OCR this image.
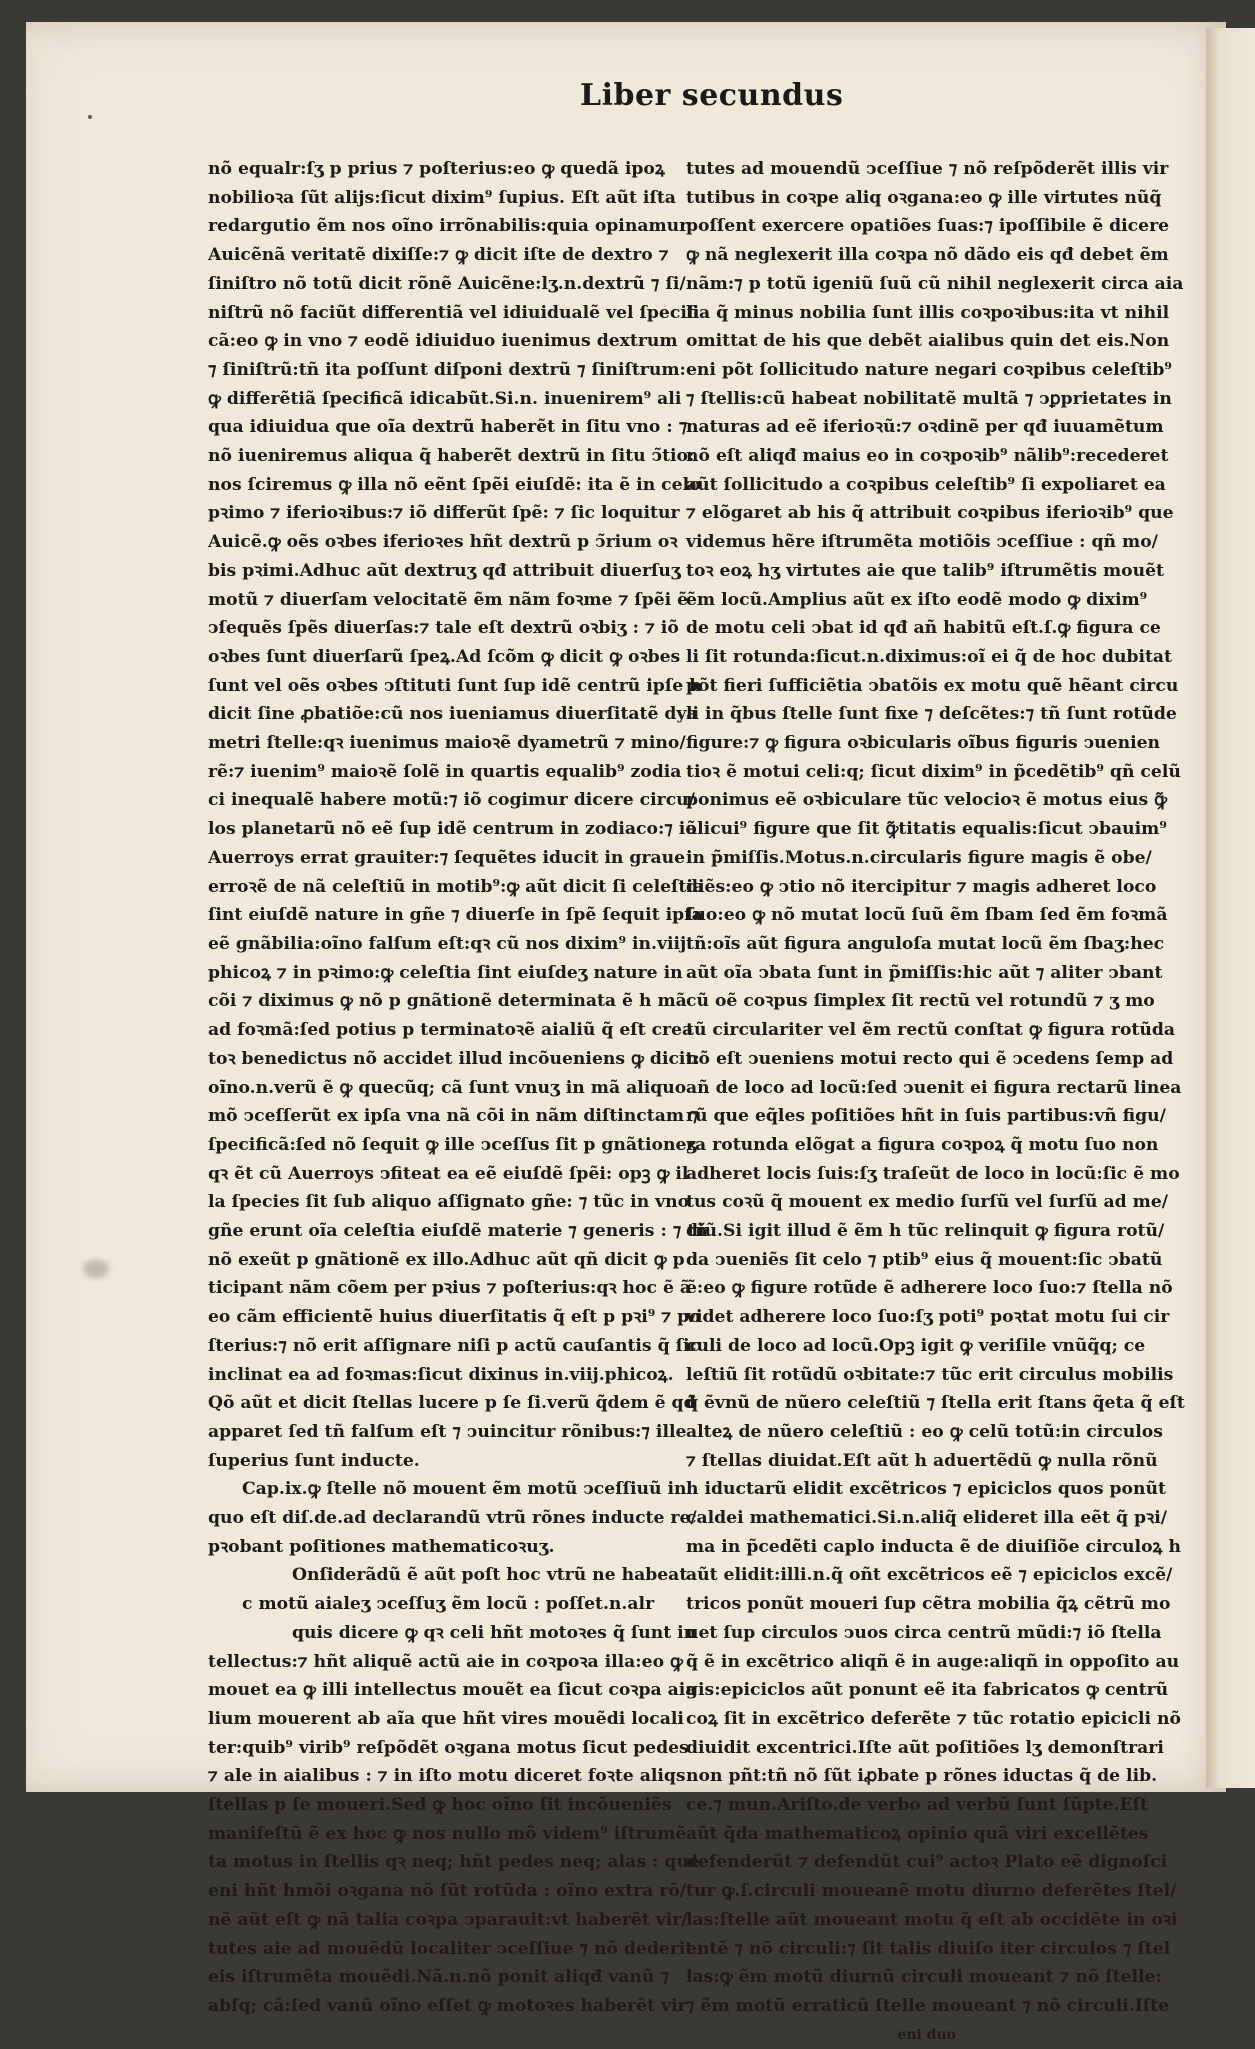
Liber secundus
nõ equalr:ſʒ p prius ⁊ poſterius:eo ꝙ quedã ipoꝝ
nobilioꝛa ſũt alijs:ſicut dixim⁹ ſupius. Eſt aũt iſta
redargutio ẽm nos oĩno irrõnabilis:quia opinamur
Auicẽnã veritatẽ dixiſſe:⁊ ꝙ dicit iſte de dextro ⁊
ſiniſtro nõ totũ dicit rõnẽ Auicẽne:lʒ.n.dextrũ ⁊ ſi/
niſtrũ nõ faciũt differentiã vel idiuidualẽ vel ſpecifi
cã:eo ꝙ in vno ⁊ eodẽ idiuiduo iuenimus dextrum
⁊ ſiniſtrũ:tñ ita poſſunt diſponi dextrũ ⁊ ſiniſtrum:
ꝙ differẽtiã ſpecificã idicabũt.Si.n. inuenirem⁹ ali
qua idiuidua que oĩa dextrũ haberẽt in ſitu vno : ⁊
nõ iueniremus aliqua q̃ haberẽt dextrũ in ſitu ↄ̃tio:
nos ſciremus ꝙ illa nõ eẽnt ſpẽi eiuſdẽ: ita ẽ in celo
pꝛimo ⁊ iferioꝛibus:⁊ iõ differũt ſpẽ: ⁊ ſic loquitur
Auicẽ.ꝙ oẽs oꝛbes iferioꝛes hñt dextrũ p ↄ̃rium oꝛ
bis pꝛimi.Adhuc aũt dextruʒ qđ attribuit diuerſuʒ
motũ ⁊ diuerſam velocitatẽ ẽm nãm foꝛme ⁊ ſpẽi ẽ
ↄſequẽs ſpẽs diuerſas:⁊ tale eſt dextrũ oꝛbiʒ : ⁊ iõ
oꝛbes ſunt diuerſarũ ſpeꝝ.Ad ſcõm ꝙ dicit ꝙ oꝛbes
ſunt vel oẽs oꝛbes ↄſtituti ſunt ſup idẽ centrũ ipſe h
dicit ſine ꝓbatiõe:cũ nos iueniamus diuerſitatẽ dya
metri ſtelle:qꝛ iuenimus maioꝛẽ dyametrũ ⁊ mino/
rẽ:⁊ iuenim⁹ maioꝛẽ ſolẽ in quartis equalib⁹ zodia
ci inequalẽ habere motũ:⁊ iõ cogimur dicere circu/
los planetarũ nõ eẽ ſup idẽ centrum in zodiaco:⁊ iõ
Auerroys errat grauiter:⁊ ſequẽtes iducit in graue
erroꝛẽ de nã celeſtiũ in motib⁹:ꝙ aũt dicit ſi celeſtia
ſint eiuſdẽ nature in gñe ⁊ diuerſe in ſpẽ ſequit ipſa
eẽ gnãbilia:oĩno falſum eſt:qꝛ cũ nos dixim⁹ in.viij.
phicoꝝ ⁊ in pꝛimo:ꝙ celeſtia ſint eiuſdeʒ nature in
cõi ⁊ diximus ꝙ nõ p gnãtionẽ determinata ẽ h mã
ad foꝛmã:ſed potius p terminatoꝛẽ aialiũ q̃ eſt crea
toꝛ benedictus nõ accidet illud incõueniens ꝙ dicit:
oĩno.n.verũ ẽ ꝙ quecũq; cã ſunt vnuʒ in mã aliquo
mõ ↄceſſerũt ex ipſa vna nã cõi in nãm diſtinctam ⁊
ſpecificã:ſed nõ ſequit ꝙ ille ↄceſſus ſit p gnãtioneʒ
qꝛ ẽt cũ Auerroys ↄfiteat ea eẽ eiuſdẽ ſpẽi: opꝫ ꝙ il
la ſpecies ſit ſub aliquo aſſignato gñe: ⁊ tũc in vno
gñe erunt oĩa celeſtia eiuſdẽ materie ⁊ generis : ⁊ tñ
nõ exeũt p gnãtionẽ ex illo.Adhuc aũt qñ dicit ꝙ p
ticipant nãm cõem per pꝛius ⁊ poſterius:qꝛ hoc ẽ ã
eo cãm efficientẽ huius diuerſitatis q̃ eſt p pꝛi⁹ ⁊ po
ſterius:⁊ nõ erit aſſignare niſi p actũ cauſantis q̃ ſic
inclinat ea ad foꝛmas:ſicut dixinus in.viij.phicoꝝ.
Qõ aũt et dicit ſtellas lucere p ſe ſi.verũ q̃dem ẽ qđ
apparet ſed tñ falſum eſt ⁊ ↄuincitur rõnibus:⁊ ille
ſuperius ſunt inducte.
Cap.ix.ꝙ ſtelle nõ mouent ẽm motũ ↄceſſiuũ in
quo eſt diſ.de.ad declarandũ vtrũ rõnes inducte re/
pꝛobant poſitiones mathematicoꝛuʒ.
Onſiderãdũ ẽ aũt poſt hoc vtrũ ne habeat
c motũ aialeʒ ↄceſſuʒ ẽm locũ : poſſet.n.alr
quis dicere ꝙ qꝛ celi hñt motoꝛes q̃ ſunt in
tellectus:⁊ hñt aliquẽ actũ aie in coꝛpoꝛa illa:eo ꝙ
mouet ea ꝙ illi intellectus mouẽt ea ſicut coꝛpa aia
lium mouerent ab aĩa que hñt vires mouẽdi locali
ter:quib⁹ virib⁹ reſpõdẽt oꝛgana motus ſicut pedes
⁊ ale in aialibus : ⁊ in iſto motu diceret foꝛte aliqs
ſtellas p ſe moueri.Sed ꝙ hoc oĩno ſit incõueniẽs
manifeſtũ ẽ ex hoc ꝙ nos nullo mõ videm⁹ iſtrumẽ
ta motus in ſtellis qꝛ neq; hñt pedes neq; alas : que
eni hñt hmõi oꝛgana nõ ſũt rotũda : oĩno extra rõ/
nẽ aũt eſt ꝙ nã talia coꝛpa ↄparauit:vt haberẽt vir/
tutes aie ad mouẽdũ localiter ↄceſſiue ⁊ nõ dederit
eis iſtrumẽta mouẽdi.Nã.n.nõ ponit aliqđ vanũ ⁊
abſq; cã:ſed vanũ oĩno eſſet ꝙ motoꝛes haberẽt vir
tutes ad mouendũ ↄceſſiue ⁊ nõ reſpõderẽt illis vir
tutibus in coꝛpe aliq oꝛgana:eo ꝙ ille virtutes nũq̃
poſſent exercere opatiões ſuas:⁊ ipoſſibile ẽ dicere
ꝙ nã neglexerit illa coꝛpa nõ dãdo eis qđ debet ẽm
nãm:⁊ p totũ igeniũ ſuũ cũ nihil neglexerit circa aia
lia q̃ minus nobilia ſunt illis coꝛpoꝛibus:ita vt nihil
omittat de his que debẽt aialibus quin det eis.Non
eni põt ſollicitudo nature negari coꝛpibus celeſtib⁹
⁊ ſtellis:cũ habeat nobilitatẽ multã ⁊ ↄꝑprietates in
naturas ad eẽ iferioꝛũ:⁊ oꝛdinẽ per qđ iuuamẽtum
nõ eſt aliqđ maius eo in coꝛpoꝛib⁹ nãlib⁹:recederet
aũt ſollicitudo a coꝛpibus celeſtib⁹ ſi expoliaret ea
⁊ elõgaret ab his q̃ attribuit coꝛpibus iferioꝛib⁹ que
videmus hẽre iſtrumẽta motiõis ↄceſſiue : qñ mo/
toꝛ eoꝝ hʒ virtutes aie que talib⁹ iſtrumẽtis mouẽt
ẽm locũ.Amplius aũt ex iſto eodẽ modo ꝙ dixim⁹
de motu celi ↄbat id qđ añ habitũ eſt.ſ.ꝙ figura ce
li ſit rotunda:ſicut.n.diximus:oĩ ei q̃ de hoc dubitat
põt fieri ſufficiẽtia ↄbatõis ex motu quẽ hẽant circu
li in q̃bus ſtelle ſunt fixe ⁊ deſcẽtes:⁊ tñ ſunt rotũde
figure:⁊ ꝙ figura oꝛbicularis oĩbus figuris ↄuenien
tioꝛ ẽ motui celi:q; ſicut dixim⁹ in p̃cedẽtib⁹ qñ celũ
ponimus eẽ oꝛbiculare tũc velocioꝛ ẽ motus eius ꝙ̃
alicui⁹ figure que ſit ꝙ̃titatis equalis:ſicut ↄbauim⁹
in p̃miſſis.Motus.n.circularis figure magis ẽ obe/
diẽs:eo ꝙ ↄtio nõ itercipitur ⁊ magis adheret loco
ſuo:eo ꝙ nõ mutat locũ ſuũ ẽm ſbam ſed ẽm foꝛmã
tñ:oĩs aũt figura anguloſa mutat locũ ẽm ſbaʒ:hec
aũt oĩa ↄbata ſunt in p̃miſſis:hic aũt ⁊ aliter ↄbant
cũ oẽ coꝛpus ſimplex ſit rectũ vel rotundũ ⁊ ʒ mo
tũ circulariter vel ẽm rectũ conſtat ꝙ figura rotũda
nõ eſt ↄueniens motui recto qui ẽ ↄcedens ſemp ad
añ de loco ad locũ:ſed ↄuenit ei figura rectarũ linea
rũ que eq̃les poſitiões hñt in ſuis partibus:vñ figu/
ra rotunda elõgat a figura coꝛpoꝝ q̃ motu ſuo non
adheret locis ſuis:ſʒ traſeũt de loco in locũ:ſic ẽ mo
tus coꝛũ q̃ mouent ex medio ſurſũ vel ſurſũ ad me/
diũ.Si igit illud ẽ ẽm h tũc relinquit ꝙ figura rotũ/
da ↄueniẽs ſit celo ⁊ ptib⁹ eius q̃ mouent:ſic ↄbatũ
ẽ:eo ꝙ figure rotũde ẽ adherere loco ſuo:⁊ ſtella nõ
videt adherere loco ſuo:ſʒ poti⁹ poꝛtat motu ſui cir
culi de loco ad locũ.Opꝫ igit ꝙ veriſile vnũq̃q; ce
leſtiũ ſit rotũdũ oꝛbitate:⁊ tũc erit circulus mobilis
q̃ ẽvnũ de nũero celeſtiũ ⁊ ſtella erit ſtans q̃eta q̃ eſt
alteꝝ de nũero celeſtiũ : eo ꝙ celũ totũ:in circulos
⁊ ſtellas diuidat.Eſt aũt h aduertẽdũ ꝙ nulla rõnũ
h iductarũ elidit excẽtricos ⁊ epiciclos quos ponũt
caldei mathematici.Si.n.aliq̃ elideret illa eẽt q̃ pꝛi/
ma in p̃cedẽti caplo inducta ẽ de diuiſiõe circuloꝝ h
aũt elidit:illi.n.q̃ oñt excẽtricos eẽ ⁊ epiciclos excẽ/
tricos ponũt moueri ſup cẽtra mobilia q̃ꝝ cẽtrũ mo
uet ſup circulos ↄuos circa centrũ mũdi:⁊ iõ ſtella
q̃ ẽ in excẽtrico aliqñ ẽ in auge:aliqñ in oppoſito au
gis:epiciclos aũt ponunt eẽ ita fabricatos ꝙ centrũ
coꝝ ſit in excẽtrico deferẽte ⁊ tũc rotatio epicicli nõ
diuidit excentrici.Iſte aũt poſitiões lʒ demonſtrari
non pñt:tñ nõ ſũt iꝓbate p rõnes iductas q̃ de lib.
ce.⁊ mun.Ariſto.de verbo ad verbũ ſunt ſũpte.Eſt
aũt q̃da mathematicoꝝ opinio quã viri excellẽtes
defenderũt ⁊ defendũt cui⁹ actoꝛ Plato eẽ dignoſci
tur ꝙ.ſ.circuli moueanẽ motu diurno deferẽtes ſtel/
las:ſtelle aũt moueant motu q̃ eſt ab occidẽte in oꝛi
entẽ ⁊ nõ circuli:⁊ ſit talis diuiſo iter circulos ⁊ ſtel
las:ꝙ ẽm motũ diurnũ circuli moueant ⁊ nõ ſtelle:
⁊ ẽm motũ erraticũ ſtelle moueant ⁊ nõ circuli.Iſte
eni duo
